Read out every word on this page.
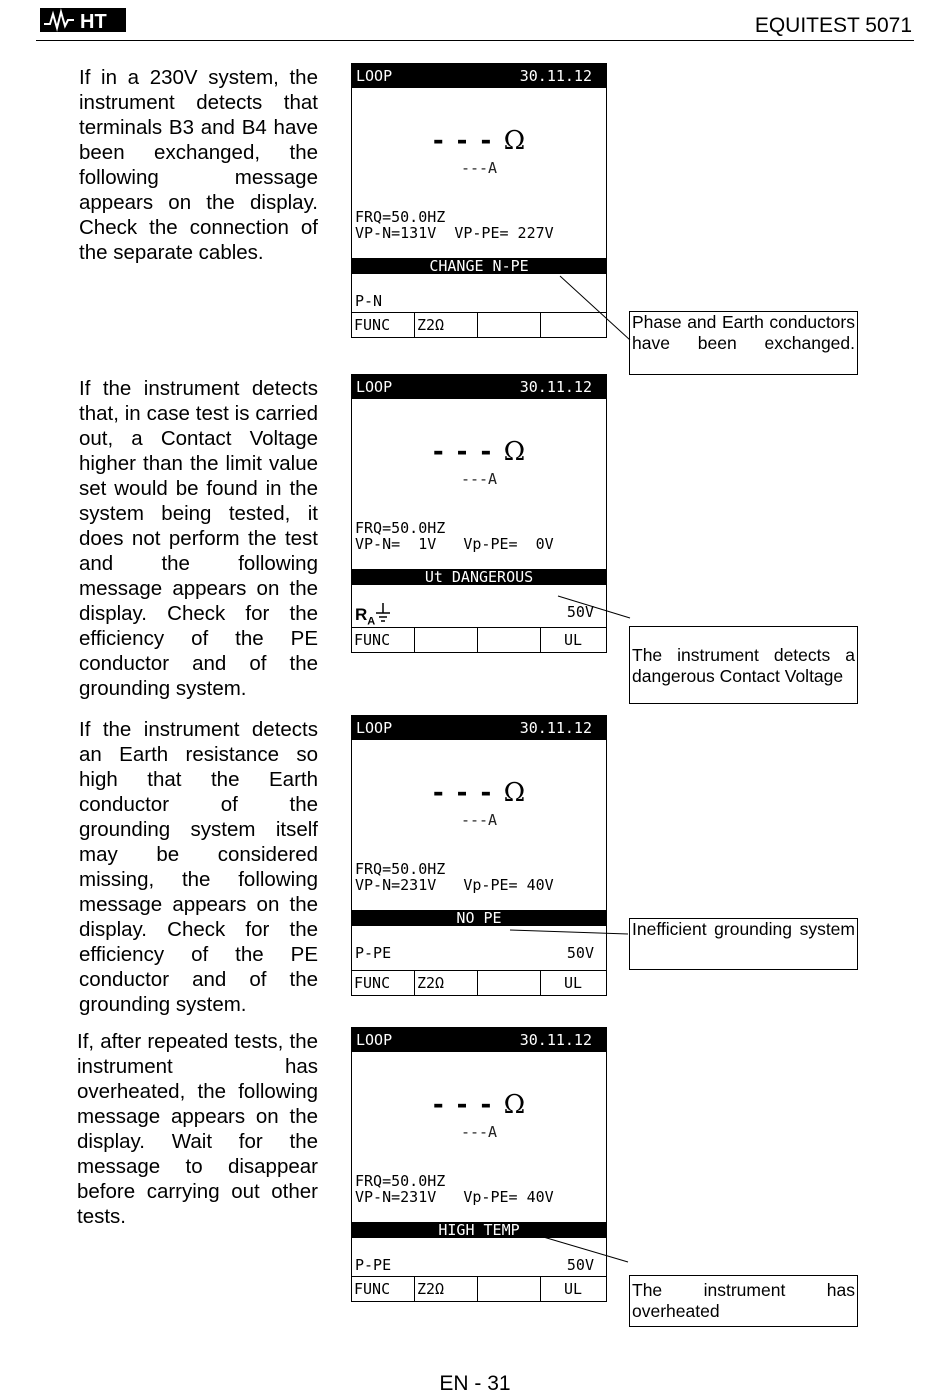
HT	EQUITEST 5071

If in a 230V system, the instrument detects that terminals B3 and B4 have been exchanged, the following message appears on the display. Check the connection of the separate cables.

LOOP	30.11.12
- - - Ω
---A
FRQ=50.0HZ
VP-N=131V  VP-PE= 227V
CHANGE N-PE
P-N
FUNC	Z2Ω	Phase and Earth conductors have been exchanged.

If the instrument detects that, in case test is carried out, a Contact Voltage higher than the limit value set would be found in the system being tested, it does not perform the test and the following message appears on the display. Check for the efficiency of the PE conductor and of the grounding system.

LOOP	30.11.12
- - - Ω
---A
FRQ=50.0HZ
VP-N=  1V   Vp-PE=  0V
Ut DANGEROUS
$R_A$
50V
FUNC	UL
The instrument detects a dangerous Contact Voltage

If the instrument detects an Earth resistance so high that the Earth conductor of the grounding system itself may be considered missing, the following message appears on the display. Check for the efficiency of the PE conductor and of the grounding system.

LOOP	30.11.12
- - - Ω
---A
FRQ=50.0HZ
VP-N=231V   Vp-PE= 40V
NO PE
P-PE	50V
FUNC	Z2Ω	UL
Inefficient grounding system

If, after repeated tests, the instrument has overheated, the following message appears on the display. Wait for the message to disappear before carrying out other tests.

LOOP	30.11.12
- - - Ω
---A
FRQ=50.0HZ
VP-N=231V   Vp-PE= 40V
HIGH TEMP
P-PE	50V
FUNC	Z2Ω	UL	The instrument has overheated
EN - 31
